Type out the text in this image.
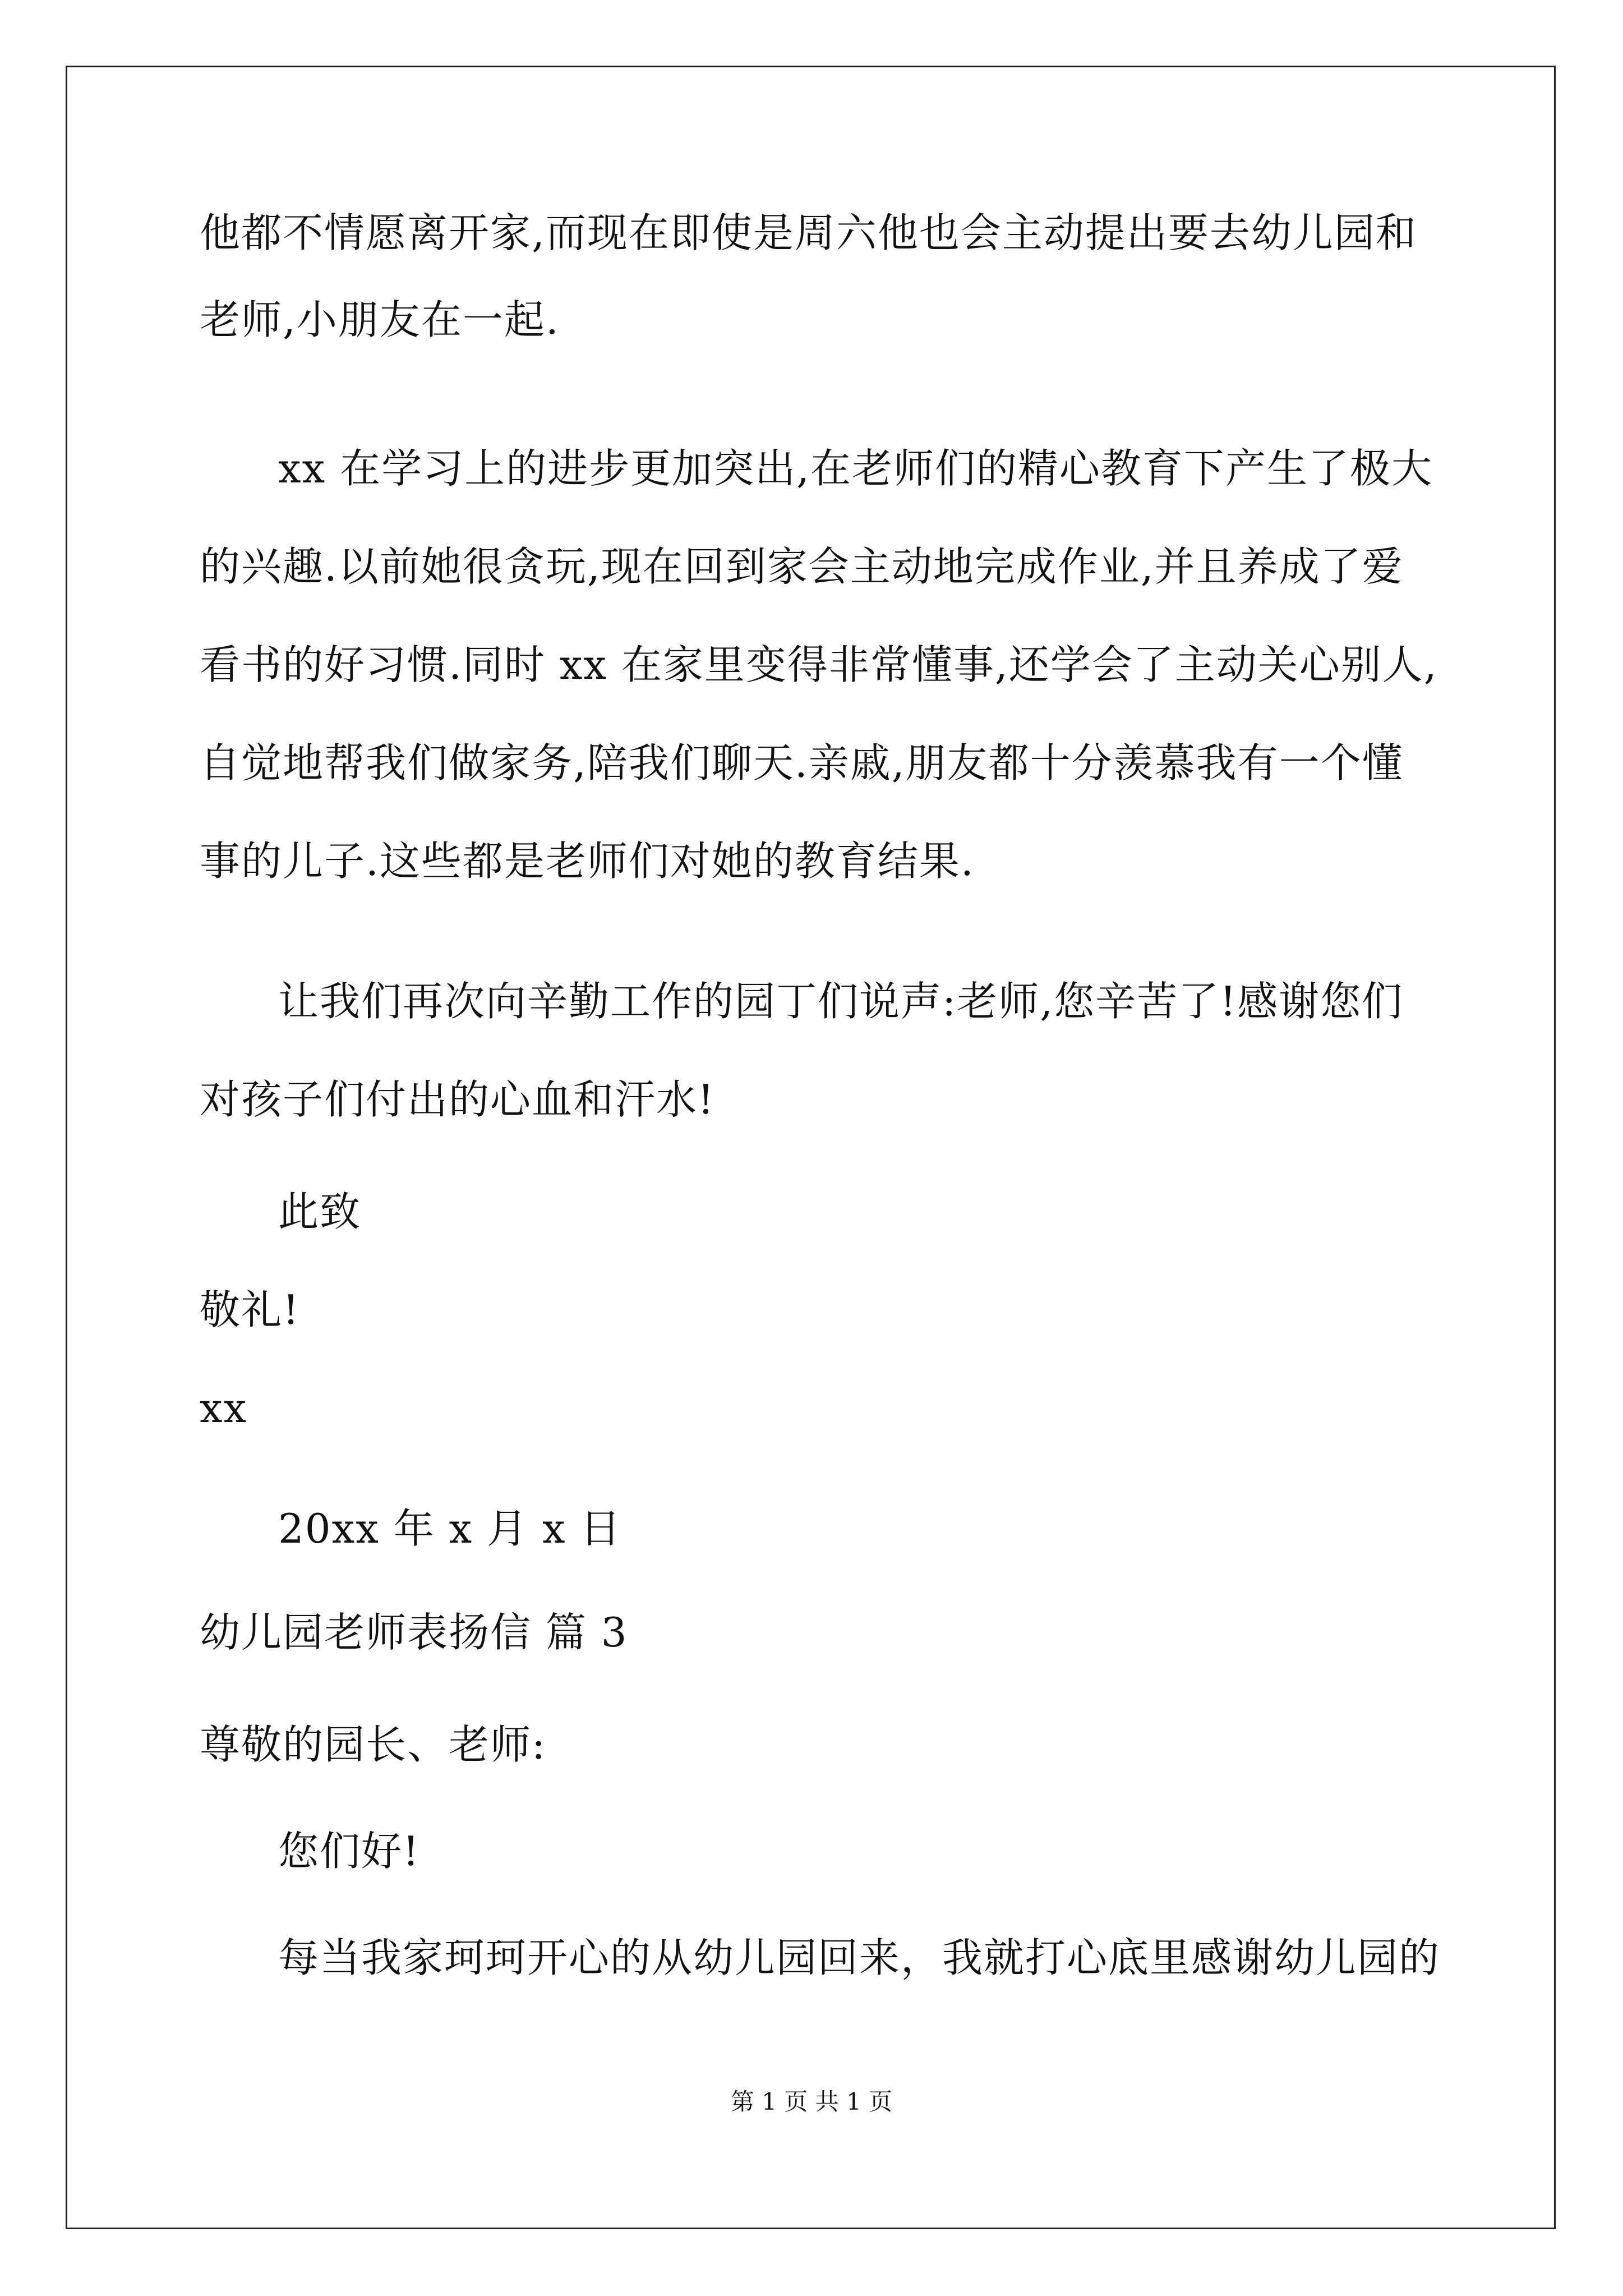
他都不情愿离开家,而现在即使是周六他也会主动提出要去幼儿园和
老师,小朋友在一起.
xx 在学习上的进步更加突出,在老师们的精心教育下产生了极大
的兴趣.以前她很贪玩,现在回到家会主动地完成作业,并且养成了爱
看书的好习惯.同时 xx 在家里变得非常懂事,还学会了主动关心别人,
自觉地帮我们做家务,陪我们聊天.亲戚,朋友都十分羡慕我有一个懂
事的儿子.这些都是老师们对她的教育结果.
让我们再次向辛勤工作的园丁们说声:老师,您辛苦了!感谢您们
对孩子们付出的心血和汗水!
此致
敬礼!
xx
20xx 年 x 月 x 日
幼儿园老师表扬信 篇 3
尊敬的园长、老师:
您们好!
每当我家珂珂开心的从幼儿园回来，我就打心底里感谢幼儿园的
第 1 页 共 1 页
